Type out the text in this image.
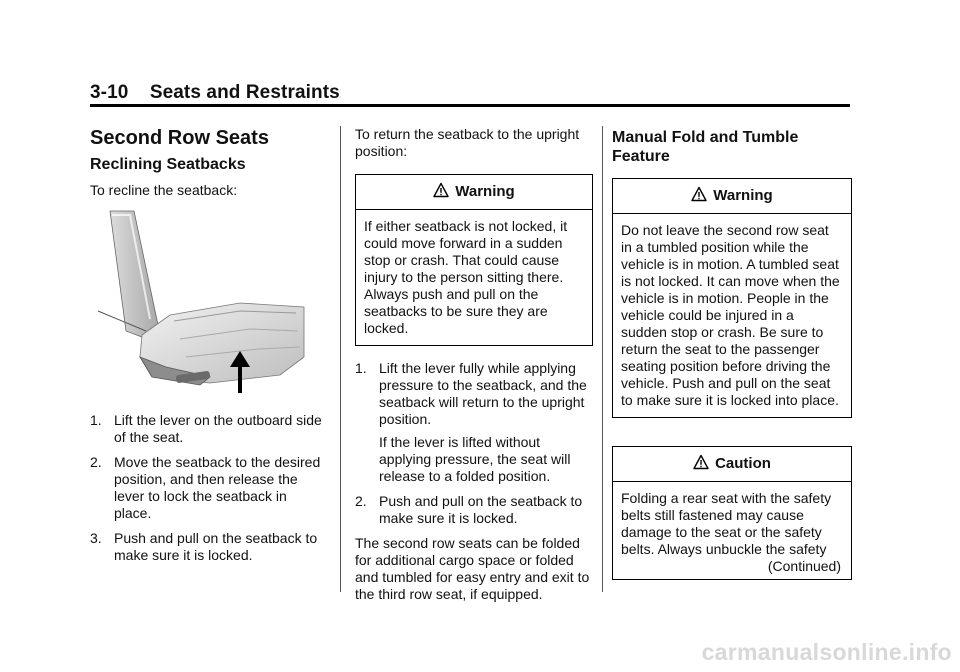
3-10 Seats and Restraints
Second Row Seats
Reclining Seatbacks

To recline the seatback:

1. Lift the lever on the outboard side of the seat.
2. Move the seatback to the desired position, and then release the lever to lock the seatback in place.
3. Push and pull on the seatback to make sure it is locked.

To return the seatback to the upright position:

Warning
If either seatback is not locked, it could move forward in a sudden stop or crash. That could cause injury to the person sitting there. Always push and pull on the seatbacks to be sure they are locked.
1. Lift the lever fully while applying pressure to the seatback, and the seatback will return to the upright position.

If the lever is lifted without applying pressure, the seat will release to a folded position.

2. Push and pull on the seatback to make sure it is locked.

The second row seats can be folded for additional cargo space or folded and tumbled for easy entry and exit to the third row seat, if equipped.

Manual Fold and Tumble Feature
Warning
Do not leave the second row seat in a tumbled position while the vehicle is in motion. A tumbled seat is not locked. It can move when the vehicle is in motion. People in the vehicle could be injured in a sudden stop or crash. Be sure to return the seat to the passenger seating position before driving the vehicle. Push and pull on the seat to make sure it is locked into place.
Caution
Folding a rear seat with the safety belts still fastened may cause damage to the seat or the safety belts. Always unbuckle the safety
(Continued)
carmanualsonline.info
